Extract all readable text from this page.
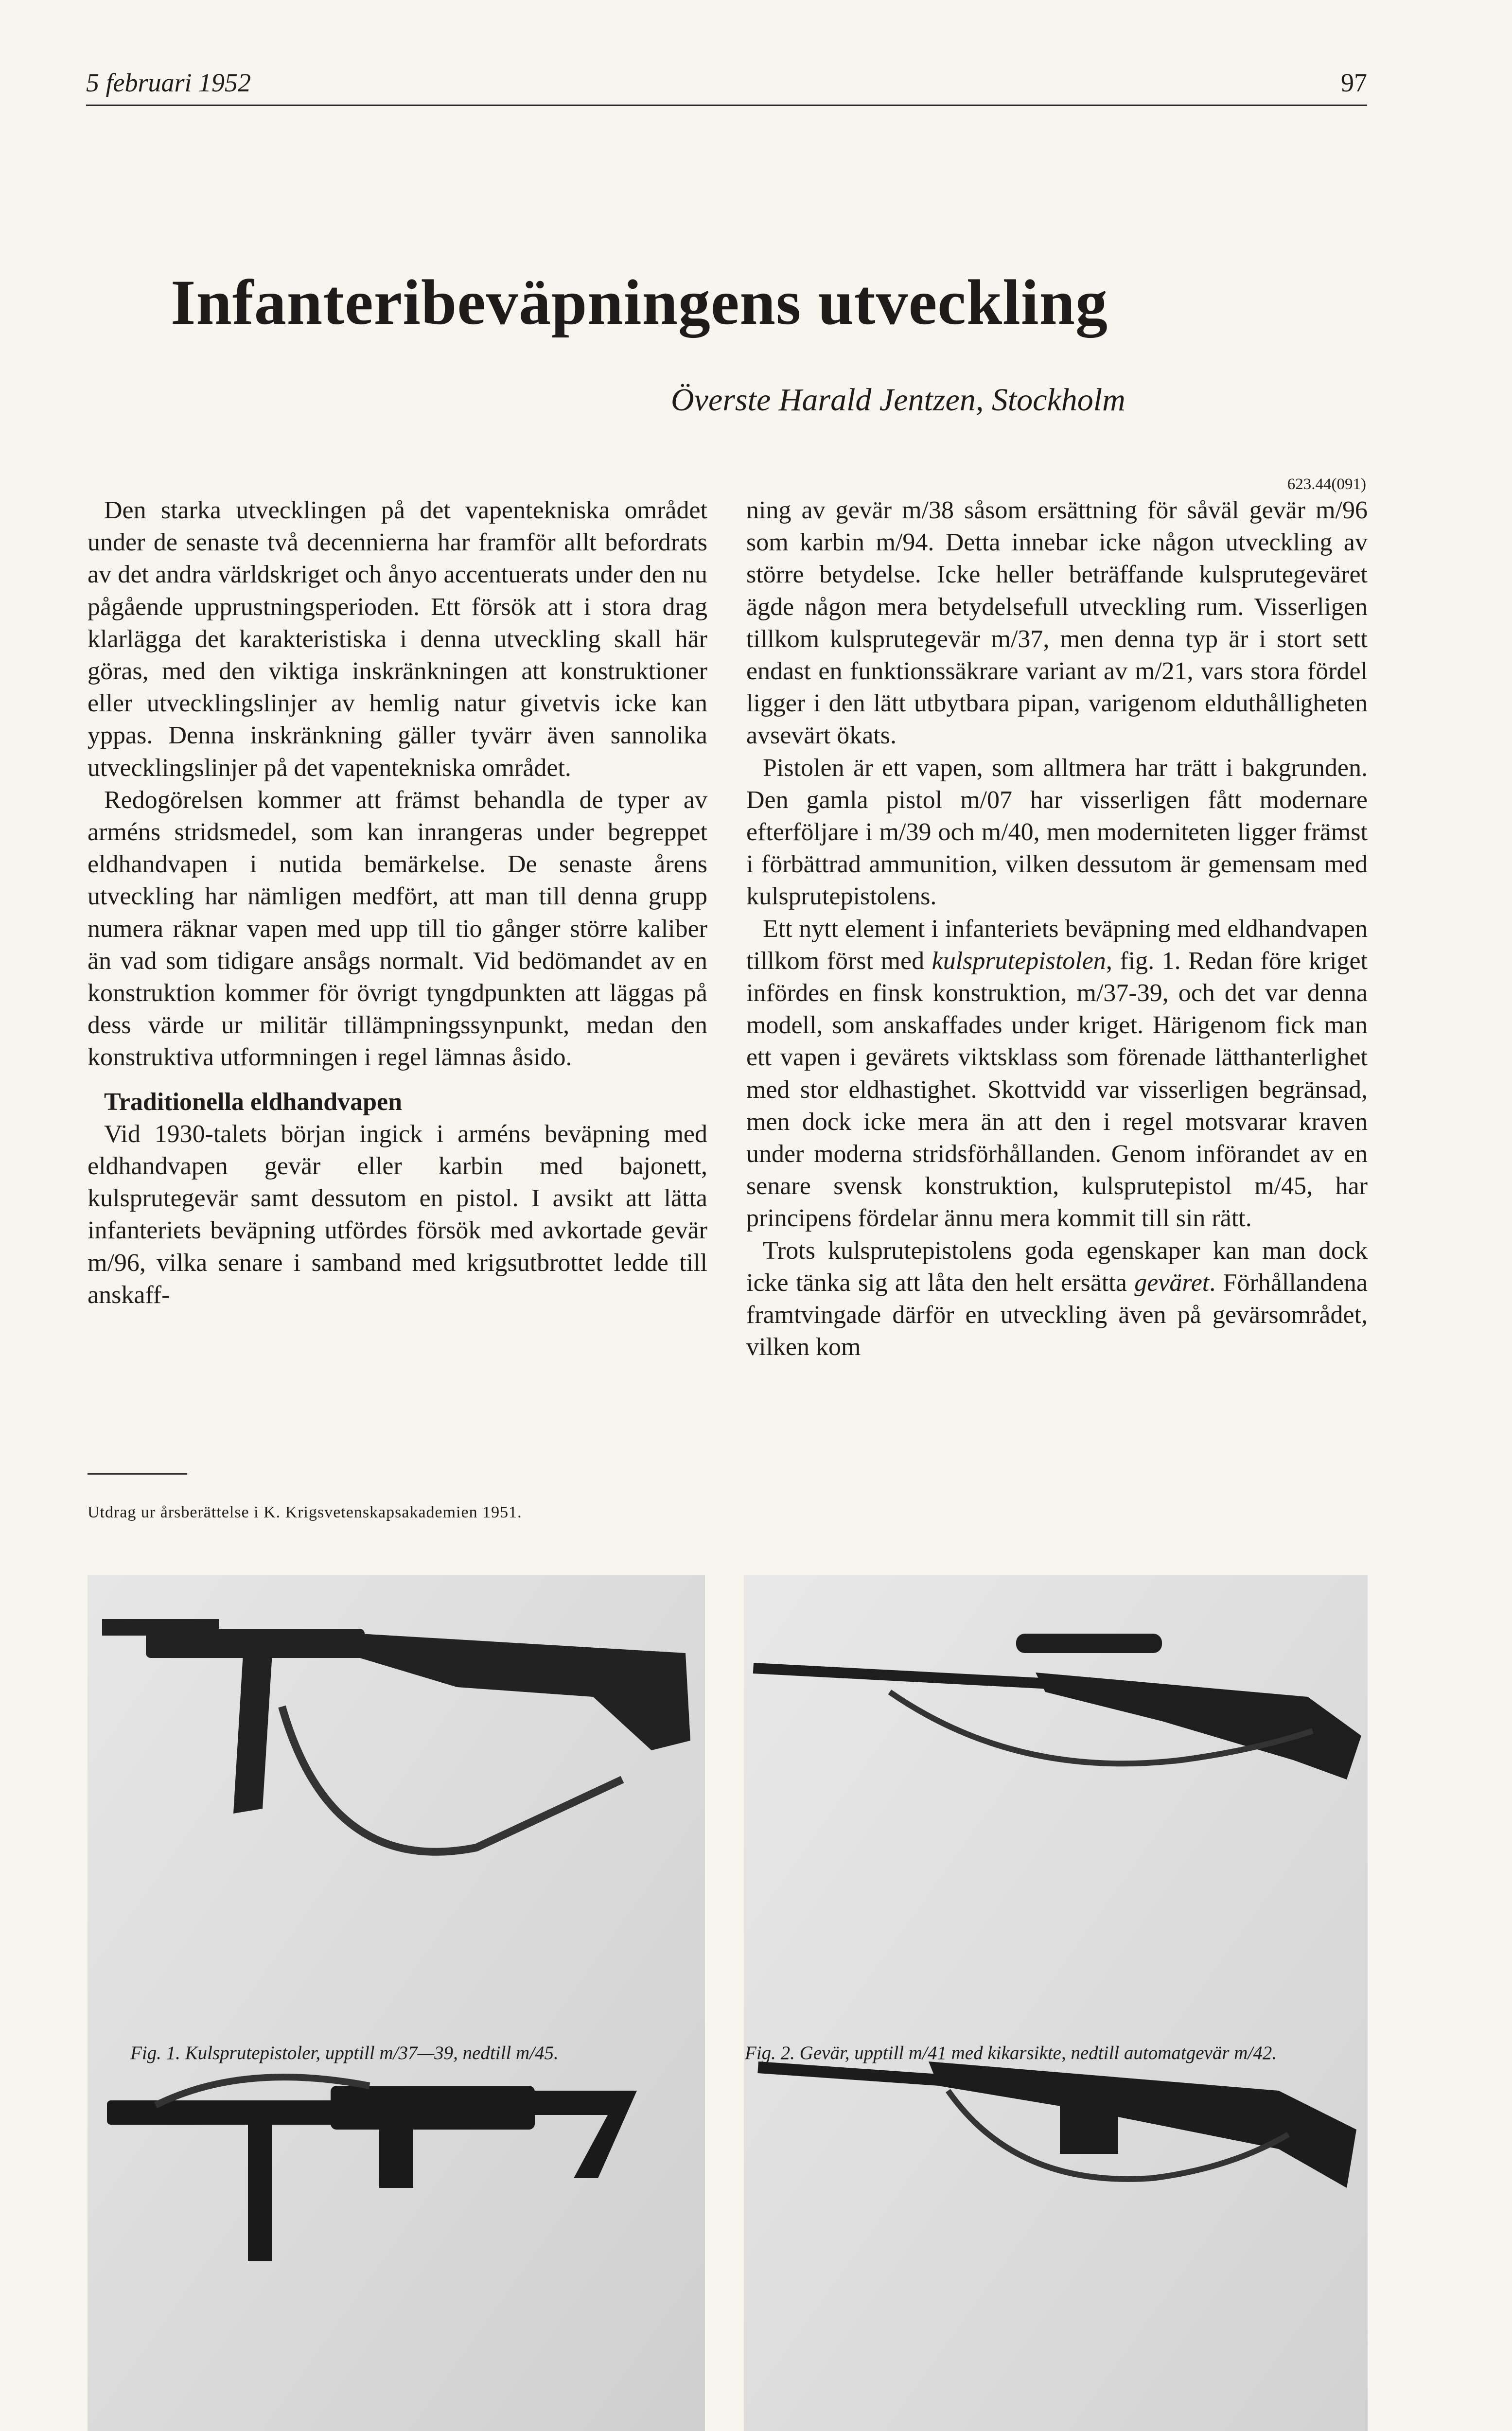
5 februari 1952	97
Infanteribeväpningens utveckling
Överste Harald Jentzen, Stockholm
623.44(091)

Den starka utvecklingen på det vapentekniska området under de senaste två decennierna har framför allt befordrats av det andra världskriget och ånyo accentuerats under den nu pågående upprustningsperioden. Ett försök att i stora drag klarlägga det karakteristiska i denna utveckling skall här göras, med den viktiga inskränkningen att konstruktioner eller utvecklingslinjer av hemlig natur givetvis icke kan yppas. Denna inskränkning gäller tyvärr även sannolika utvecklingslinjer på det vapentekniska området.

Redogörelsen kommer att främst behandla de typer av arméns stridsmedel, som kan inrangeras under begreppet eldhandvapen i nutida bemärkelse. De senaste årens utveckling har nämligen medfört, att man till denna grupp numera räknar vapen med upp till tio gånger större kaliber än vad som tidigare ansågs normalt. Vid bedömandet av en konstruktion kommer för övrigt tyngdpunkten att läggas på dess värde ur militär tillämpningssynpunkt, medan den konstruktiva utformningen i regel lämnas åsido.

Traditionella eldhandvapen

Vid 1930-talets början ingick i arméns beväpning med eldhandvapen gevär eller karbin med bajonett, kulsprutegevär samt dessutom en pistol. I avsikt att lätta infanteriets beväpning utfördes försök med avkortade gevär m/96, vilka senare i samband med krigsutbrottet ledde till anskaff-

Utdrag ur årsberättelse i K. Krigsvetenskapsakademien 1951.

ning av gevär m/38 såsom ersättning för såväl gevär m/96 som karbin m/94. Detta innebar icke någon utveckling av större betydelse. Icke heller beträffande kulsprutegeväret ägde någon mera betydelsefull utveckling rum. Visserligen tillkom kulsprutegevär m/37, men denna typ är i stort sett endast en funktionssäkrare variant av m/21, vars stora fördel ligger i den lätt utbytbara pipan, varigenom elduthålligheten avsevärt ökats.

Pistolen är ett vapen, som alltmera har trätt i bakgrunden. Den gamla pistol m/07 har visserligen fått modernare efterföljare i m/39 och m/40, men moderniteten ligger främst i förbättrad ammunition, vilken dessutom är gemensam med kulsprutepistolens.

Ett nytt element i infanteriets beväpning med eldhandvapen tillkom först med kulsprutepistolen, fig. 1. Redan före kriget infördes en finsk konstruktion, m/37-39, och det var denna modell, som anskaffades under kriget. Härigenom fick man ett vapen i gevärets viktsklass som förenade lätthanterlighet med stor eldhastighet. Skottvidd var visserligen begränsad, men dock icke mera än att den i regel motsvarar kraven under moderna stridsförhållanden. Genom införandet av en senare svensk konstruktion, kulsprutepistol m/45, har principens fördelar ännu mera kommit till sin rätt.

Trots kulsprutepistolens goda egenskaper kan man dock icke tänka sig att låta den helt ersätta geväret. Förhållandena framtvingade därför en utveckling även på gevärsområdet, vilken kom

Fig. 1. Kulsprutepistoler, upptill m/37—39, nedtill m/45.	Fig. 2. Gevär, upptill m/41 med kikarsikte, nedtill automatgevär m/42.
